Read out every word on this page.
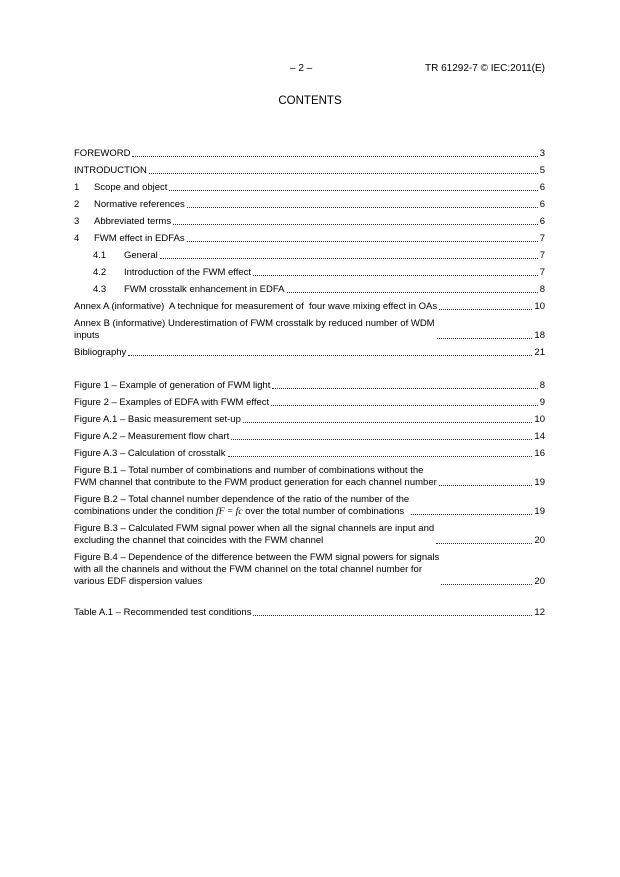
– 2 –	TR 61292-7 © IEC:2011(E)
CONTENTS
FOREWORD	3
INTRODUCTION	5
1 Scope and object	6
2 Normative references	6
3 Abbreviated terms	6
4 FWM effect in EDFAs	7
4.1 General	7
4.2 Introduction of the FWM effect	7
4.3 FWM crosstalk enhancement in EDFA	8
Annex A (informative)  A technique for measurement of  four wave mixing effect in OAs	10
Annex B (informative) Underestimation of FWM crosstalk by reduced number of WDM
inputs	18
Bibliography	21
Figure 1 – Example of generation of FWM light	8
Figure 2 – Examples of EDFA with FWM effect	9
Figure A.1 – Basic measurement set-up	10
Figure A.2 – Measurement flow chart	14
Figure A.3 – Calculation of crosstalk	16
Figure B.1 – Total number of combinations and number of combinations without the
FWM channel that contribute to the FWM product generation for each channel number	19
Figure B.2 – Total channel number dependence of the ratio of the number of the
combinations under the condition fF = fc over the total number of combinations	19
Figure B.3 – Calculated FWM signal power when all the signal channels are input and
excluding the channel that coincides with the FWM channel	20
Figure B.4 – Dependence of the difference between the FWM signal powers for signals
with all the channels and without the FWM channel on the total channel number for
various EDF dispersion values	20
Table A.1 – Recommended test conditions	12
